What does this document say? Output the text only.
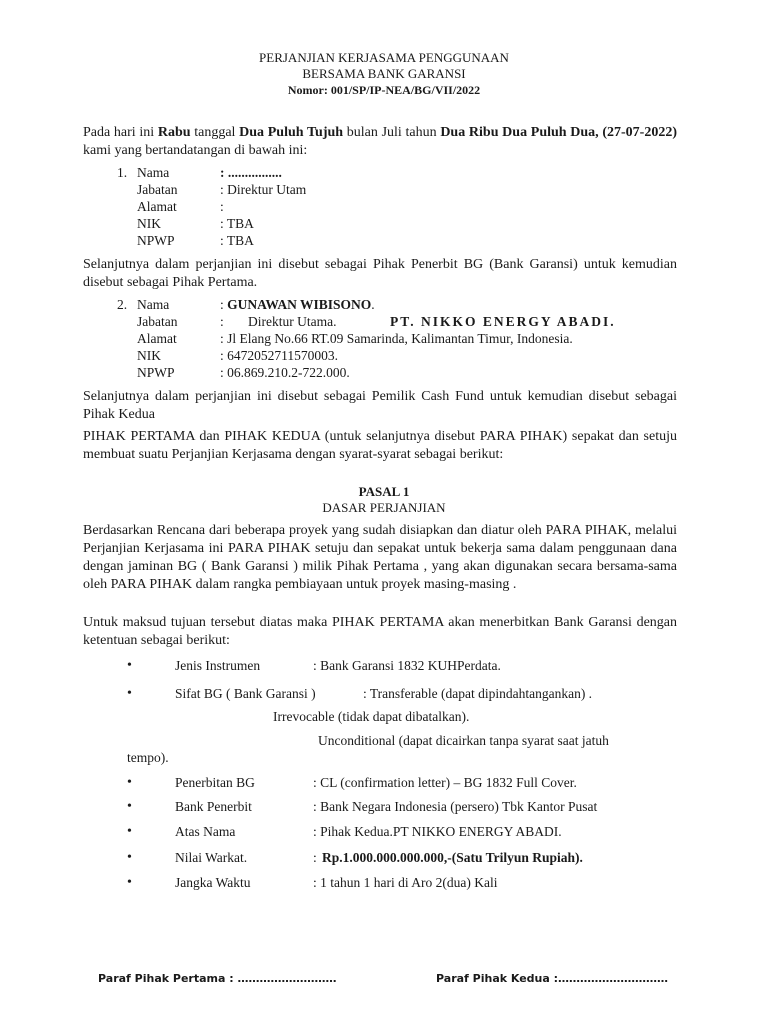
PERJANJIAN KERJASAMA PENGGUNAAN
BERSAMA BANK GARANSI
Nomor: 001/SP/IP-NEA/BG/VII/2022
Pada hari ini Rabu tanggal Dua Puluh Tujuh bulan Juli tahun Dua Ribu Dua Puluh Dua, (27-07-2022) kami yang bertandatangan di bawah ini:
1. Nama	: ................
Jabatan	: Direktur Utam
Alamat	:
NIK	: TBA
NPWP	: TBA
Selanjutnya dalam perjanjian ini disebut sebagai Pihak Penerbit BG (Bank Garansi) untuk kemudian disebut sebagai Pihak Pertama.
2. Nama	: GUNAWAN WIBISONO.
Jabatan	: Direktur Utama.	PT. NIKKO ENERGY ABADI.
Alamat	: Jl Elang No.66 RT.09 Samarinda, Kalimantan Timur, Indonesia.
NIK	: 6472052711570003.
NPWP	: 06.869.210.2-722.000.
Selanjutnya dalam perjanjian ini disebut sebagai Pemilik Cash Fund untuk kemudian disebut sebagai Pihak Kedua
PIHAK PERTAMA dan PIHAK KEDUA (untuk selanjutnya disebut PARA PIHAK) sepakat dan setuju membuat suatu Perjanjian Kerjasama dengan syarat-syarat sebagai berikut:
PASAL 1
DASAR PERJANJIAN
Berdasarkan Rencana dari beberapa proyek yang sudah disiapkan dan diatur oleh PARA PIHAK, melalui Perjanjian Kerjasama ini PARA PIHAK setuju dan sepakat untuk bekerja sama dalam penggunaan dana dengan jaminan BG ( Bank Garansi ) milik Pihak Pertama , yang akan digunakan secara bersama-sama oleh PARA PIHAK dalam rangka pembiayaan untuk proyek masing-masing .
Untuk maksud tujuan tersebut diatas maka PIHAK PERTAMA akan menerbitkan Bank Garansi dengan ketentuan sebagai berikut:
•	Jenis Instrumen	: Bank Garansi 1832 KUHPerdata.
•	Sifat BG ( Bank Garansi )	: Transferable (dapat dipindahtangankan) .
Irrevocable (tidak dapat dibatalkan).
Unconditional (dapat dicairkan tanpa syarat saat jatuh
tempo).
•	Penerbitan BG	: CL (confirmation letter) – BG 1832 Full Cover.
•	Bank Penerbit	: Bank Negara Indonesia (persero) Tbk Kantor Pusat
•	Atas Nama	: Pihak Kedua.PT NIKKO ENERGY ABADI.
•	Nilai Warkat.	: Rp.1.000.000.000.000,-(Satu Trilyun Rupiah).
•	Jangka Waktu	: 1 tahun 1 hari di Aro 2(dua) Kali
Paraf Pihak Pertama : ………………………	Paraf Pihak Kedua :…………………………
